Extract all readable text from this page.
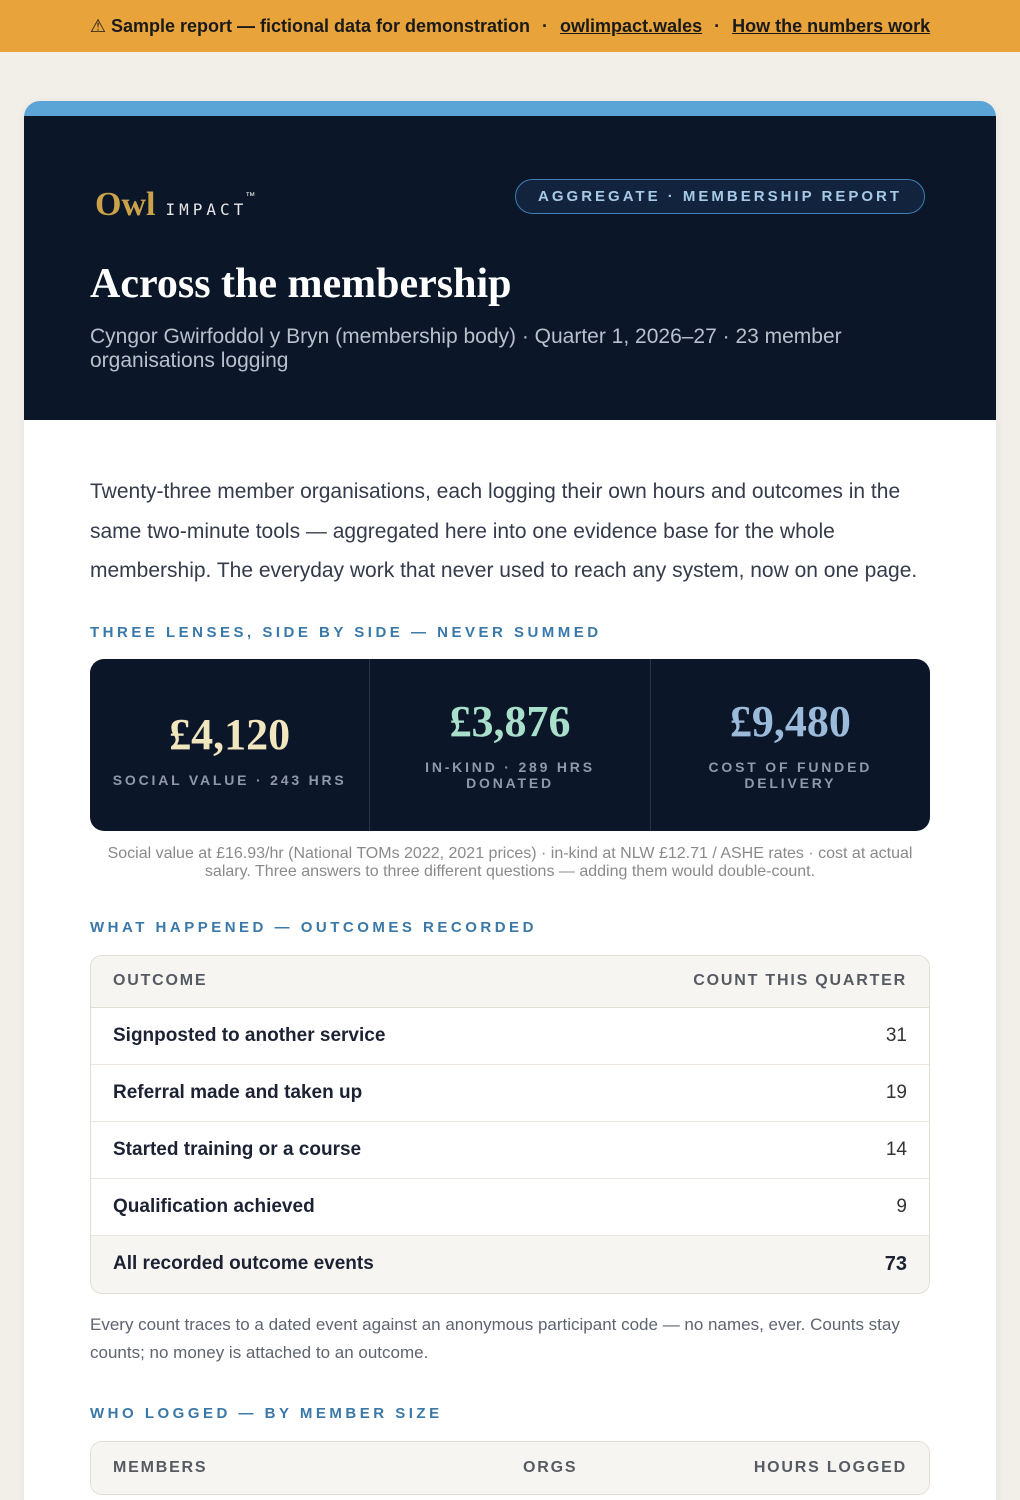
⚠ Sample report — fictional data for demonstration · owlimpact.wales · How the numbers work
Owl IMPACT
™	AGGREGATE · MEMBERSHIP REPORT
Across the membership
Cyngor Gwirfoddol y Bryn (membership body) · Quarter 1, 2026–27 · 23 member organisations logging

Twenty-three member organisations, each logging their own hours and outcomes in the same two-minute tools — aggregated here into one evidence base for the whole membership. The everyday work that never used to reach any system, now on one page.

THREE LENSES, SIDE BY SIDE — NEVER SUMMED
£4,120
SOCIAL VALUE · 243 HRS
£3,876
IN-KIND · 289 HRS DONATED
£9,480
COST OF FUNDED DELIVERY

Social value at £16.93/hr (National TOMs 2022, 2021 prices) · in-kind at NLW £12.71 / ASHE rates · cost at actual salary. Three answers to three different questions — adding them would double-count.

WHAT HAPPENED — OUTCOMES RECORDED
OUTCOME	COUNT THIS QUARTER
Signposted to another service	31
Referral made and taken up	19
Started training or a course	14
Qualification achieved	9
All recorded outcome events	73

Every count traces to a dated event against an anonymous participant code — no names, ever. Counts stay counts; no money is attached to an outcome.

WHO LOGGED — BY MEMBER SIZE
MEMBERS	ORGS	HOURS LOGGED
